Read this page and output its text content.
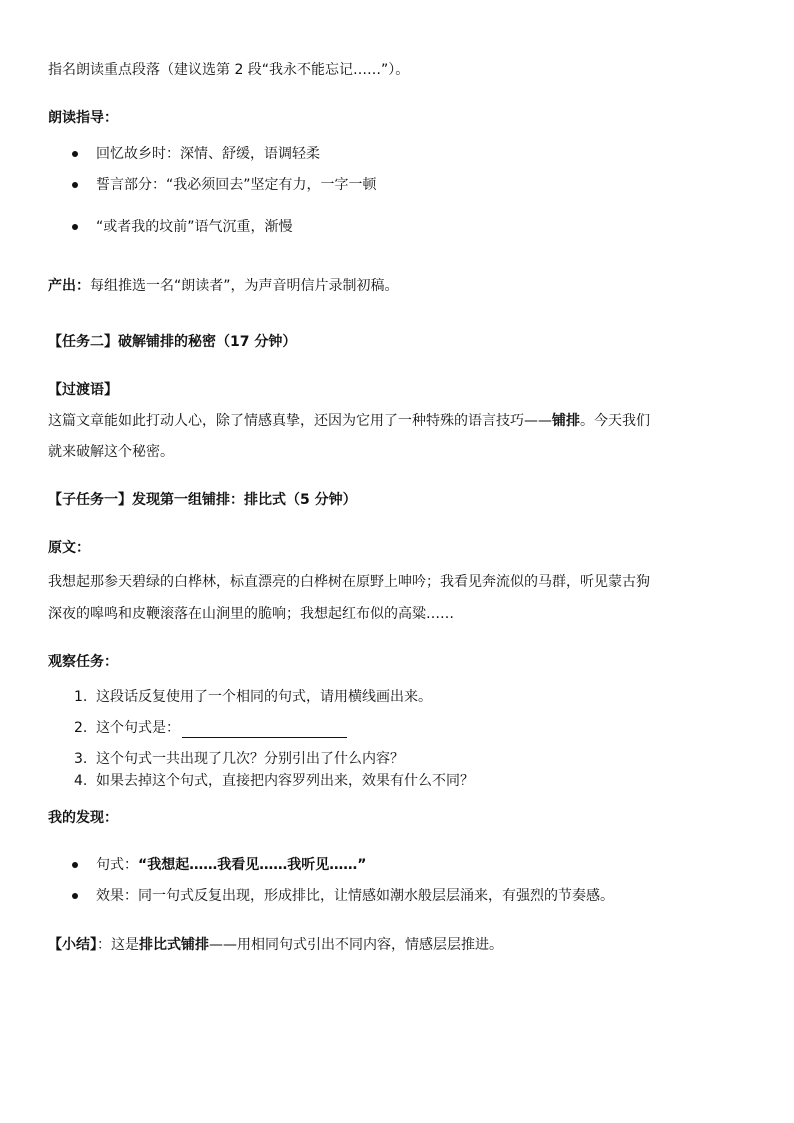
指名朗读重点段落（建议选第 2 段“我永不能忘记……”）。
朗读指导：
回忆故乡时：深情、舒缓，语调轻柔
誓言部分：“我必须回去”坚定有力，一字一顿
“或者我的坟前”语气沉重，渐慢
产出：每组推选一名“朗读者”，为声音明信片录制初稿。
【任务二】破解铺排的秘密（17 分钟）
【过渡语】
这篇文章能如此打动人心，除了情感真挚，还因为它用了一种特殊的语言技巧——铺排。今天我们
就来破解这个秘密。
【子任务一】发现第一组铺排：排比式（5 分钟）
原文：
我想起那参天碧绿的白桦林，标直漂亮的白桦树在原野上呻吟；我看见奔流似的马群，听见蒙古狗
深夜的嗥鸣和皮鞭滚落在山涧里的脆响；我想起红布似的高粱……
观察任务：
1. 这段话反复使用了一个相同的句式，请用横线画出来。
2. 这个句式是：
3. 这个句式一共出现了几次？分别引出了什么内容？
4. 如果去掉这个句式，直接把内容罗列出来，效果有什么不同？
我的发现：
句式：“我想起……我看见……我听见……”
效果：同一句式反复出现，形成排比，让情感如潮水般层层涌来，有强烈的节奏感。
【小结】：这是排比式铺排——用相同句式引出不同内容，情感层层推进。
